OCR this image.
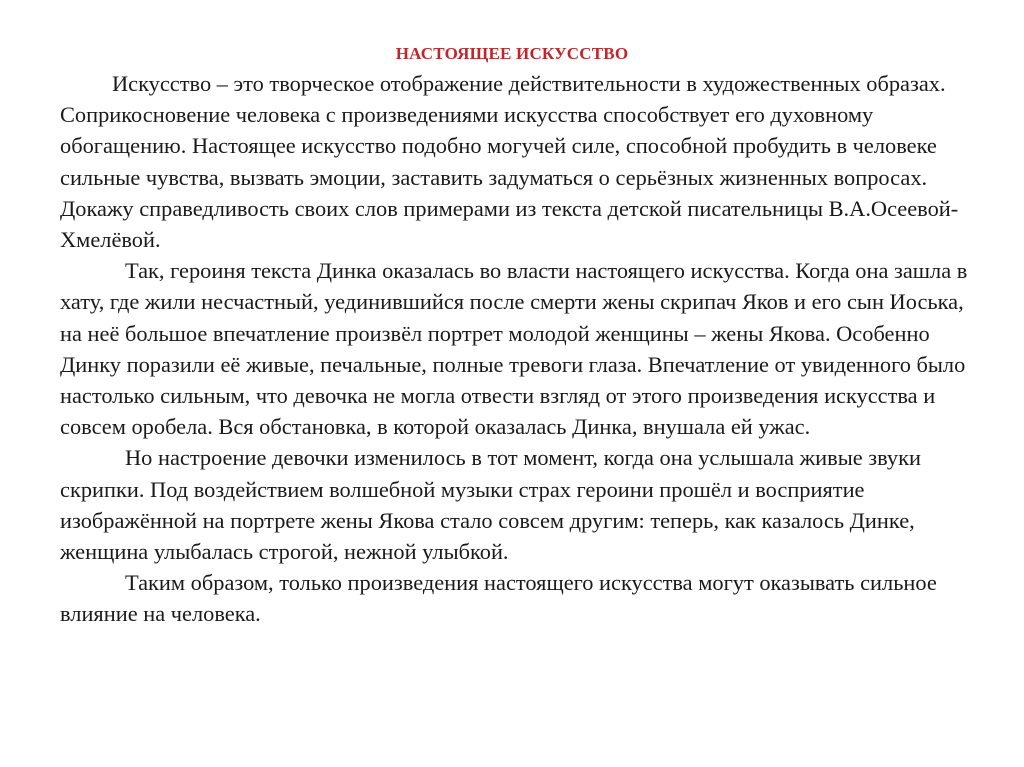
НАСТОЯЩЕЕ ИСКУССТВО

Искусство – это творческое отображение действительности в художественных образах. Соприкосновение человека с произведениями искусства способствует его духовному обогащению. Настоящее искусство подобно могучей силе, способной пробудить в человеке сильные чувства, вызвать эмоции, заставить задуматься о серьёзных жизненных вопросах. Докажу справедливость своих слов примерами из текста детской писательницы В.А.Осеевой-Хмелёвой.

Так, героиня текста Динка оказалась во власти настоящего искусства. Когда она зашла в хату, где жили несчастный, уединившийся после смерти жены скрипач Яков и его сын Иоська, на неё большое впечатление произвёл портрет молодой женщины – жены Якова. Особенно Динку поразили её живые, печальные, полные тревоги глаза. Впечатление от увиденного было настолько сильным, что девочка не могла отвести взгляд от этого произведения искусства и совсем оробела. Вся обстановка, в которой оказалась Динка, внушала ей ужас.

Но настроение девочки изменилось в тот момент, когда она услышала живые звуки скрипки. Под воздействием волшебной музыки страх героини прошёл и восприятие изображённой на портрете жены Якова стало совсем другим: теперь, как казалось Динке, женщина улыбалась строгой, нежной улыбкой.

Таким образом, только произведения настоящего искусства могут оказывать сильное влияние на человека.
